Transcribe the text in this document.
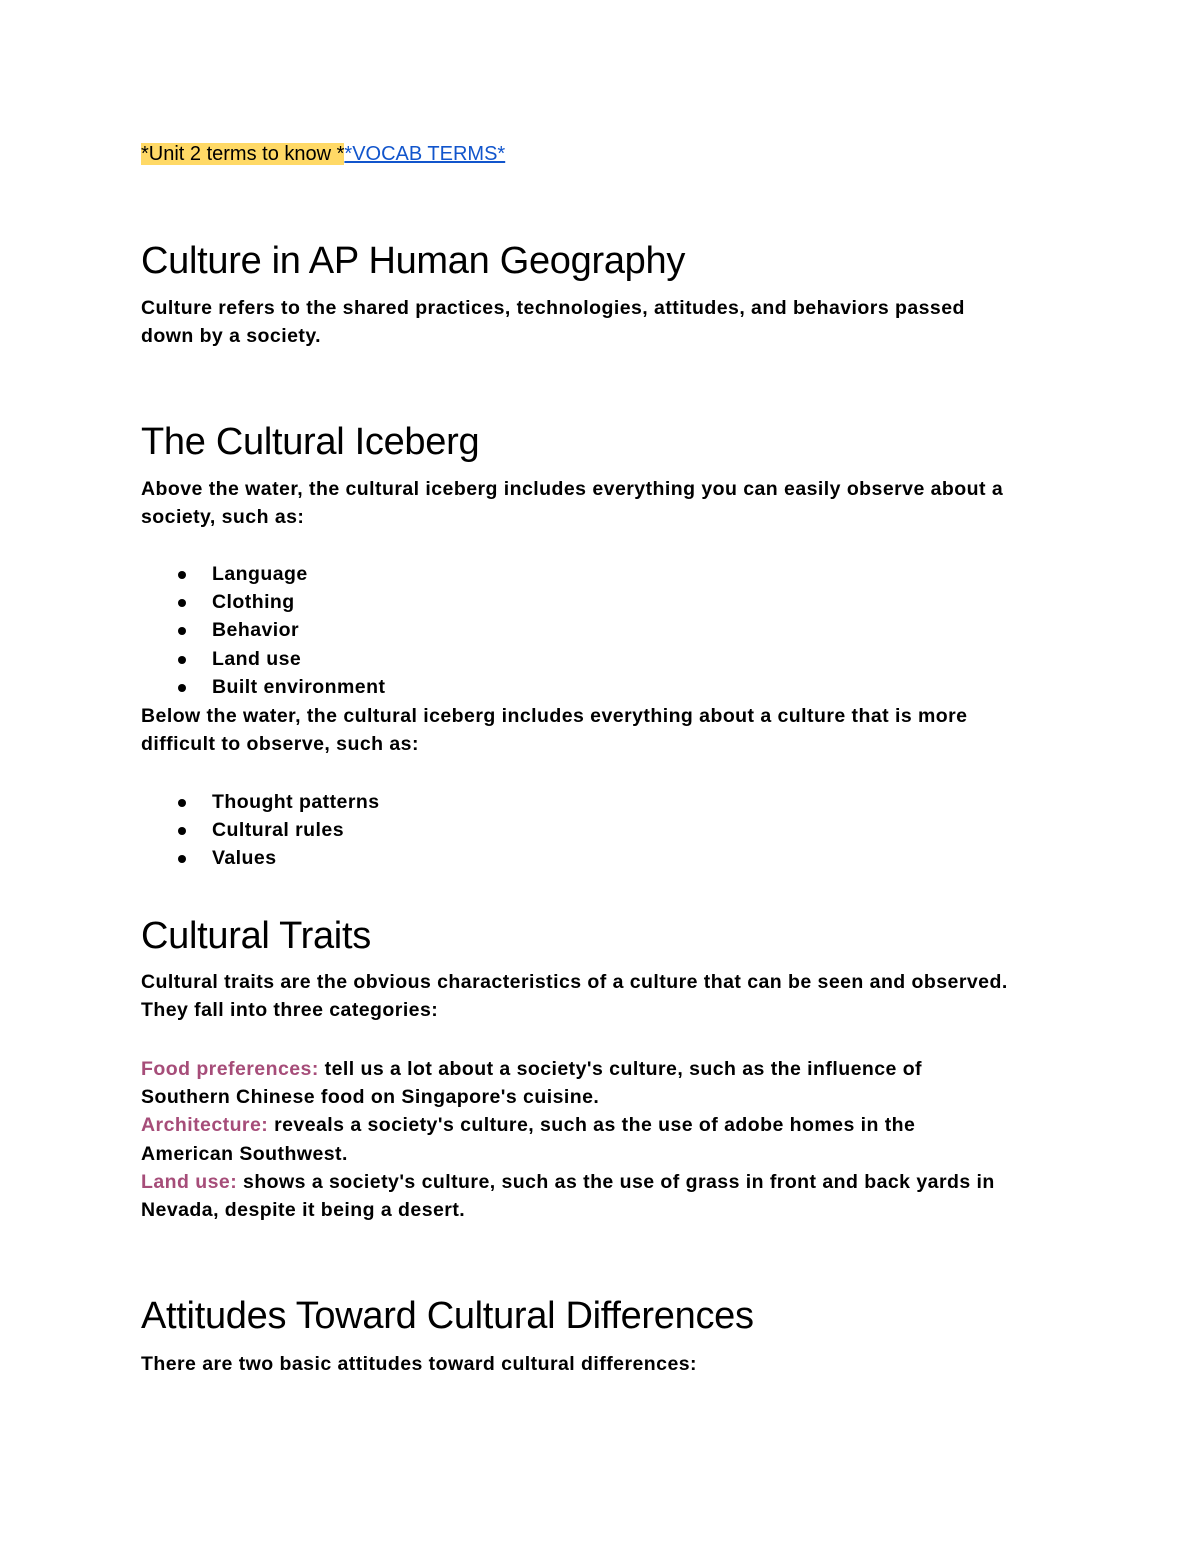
*Unit 2 terms to know **VOCAB TERMS*
Culture in AP Human Geography

Culture refers to the shared practices, technologies, attitudes, and behaviors passed
down by a society.

The Cultural Iceberg

Above the water, the cultural iceberg includes everything you can easily observe about a
society, such as:

Language
Clothing
Behavior
Land use
Built environment

Below the water, the cultural iceberg includes everything about a culture that is more
difficult to observe, such as:

Thought patterns
Cultural rules
Values
Cultural Traits

Cultural traits are the obvious characteristics of a culture that can be seen and observed.
They fall into three categories:

Food preferences: tell us a lot about a society's culture, such as the influence of
Southern Chinese food on Singapore's cuisine.
Architecture: reveals a society's culture, such as the use of adobe homes in the
American Southwest.
Land use: shows a society's culture, such as the use of grass in front and back yards in
Nevada, despite it being a desert.

Attitudes Toward Cultural Differences

There are two basic attitudes toward cultural differences:
